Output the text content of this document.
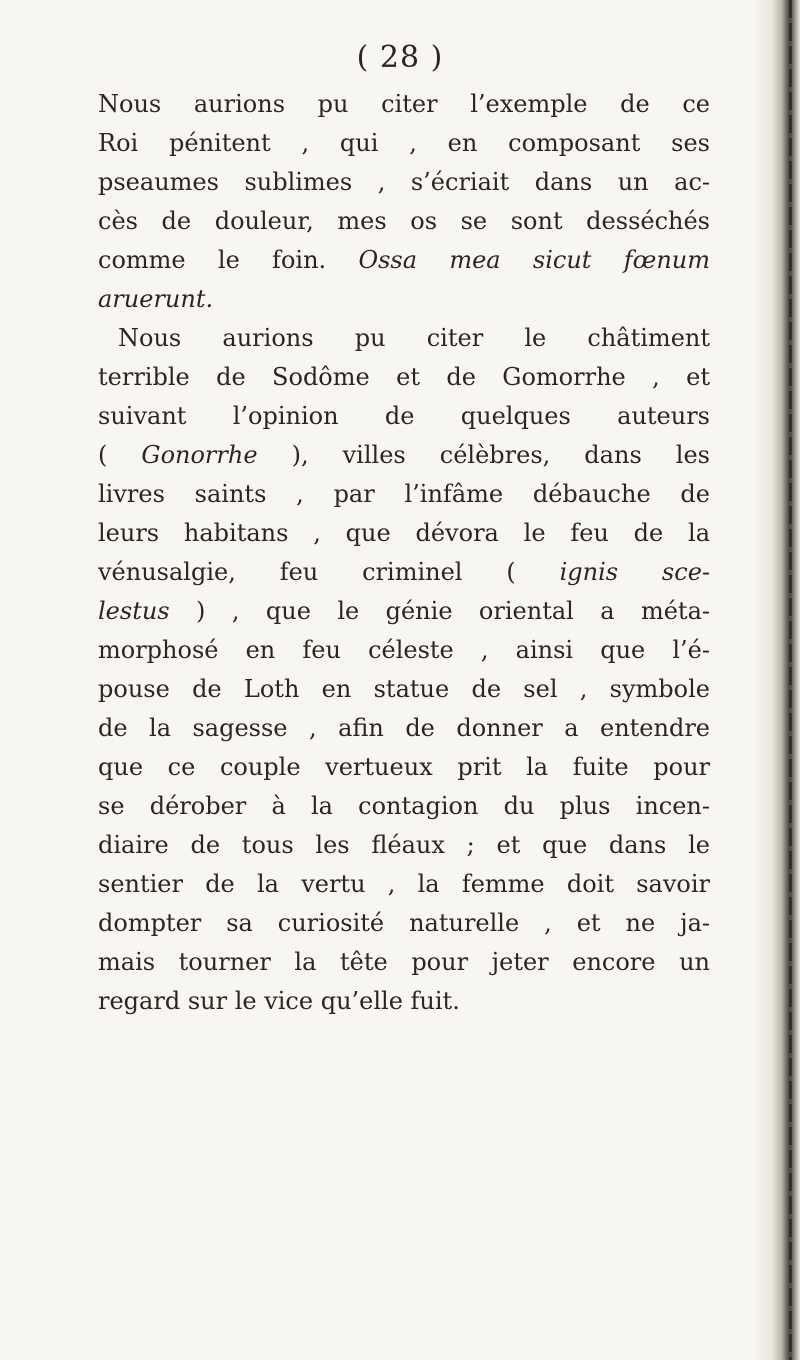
( 28 )
Nous aurions pu citer l’exemple de ce
Roi pénitent , qui , en composant ses
pseaumes sublimes , s’écriait dans un ac-
cès de douleur, mes os se sont desséchés
comme le foin. Ossa mea sicut fœnum
aruerunt.
Nous aurions pu citer le châtiment
terrible de Sodôme et de Gomorrhe , et
suivant l’opinion de quelques auteurs
( Gonorrhe ), villes célèbres, dans les
livres saints , par l’infâme débauche de
leurs habitans , que dévora le feu de la
vénusalgie, feu criminel ( ignis sce-
lestus ) , que le génie oriental a méta-
morphosé en feu céleste , ainsi que l’é-
pouse de Loth en statue de sel , symbole
de la sagesse , afin de donner a entendre
que ce couple vertueux prit la fuite pour
se dérober à la contagion du plus incen-
diaire de tous les fléaux ; et que dans le
sentier de la vertu , la femme doit savoir
dompter sa curiosité naturelle , et ne ja-
mais tourner la tête pour jeter encore un
regard sur le vice qu’elle fuit.
